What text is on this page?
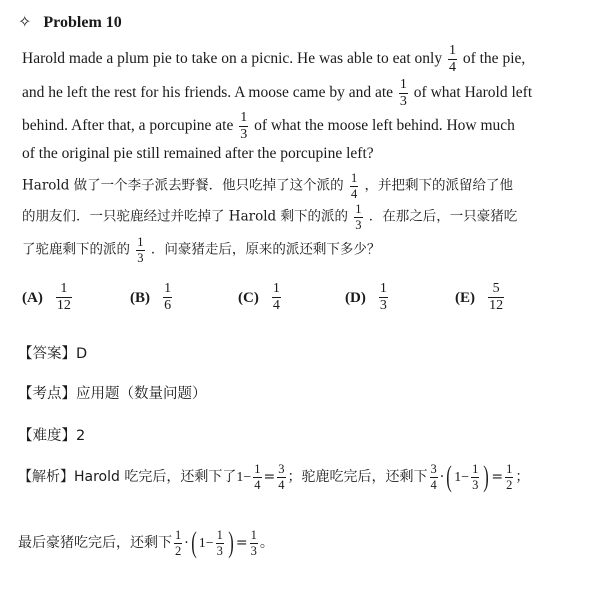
✧ Problem 10
Harold made a plum pie to take on a picnic. He was able to eat only $\frac{1}{4}$ of the pie,
and he left the rest for his friends. A moose came by and ate $\frac{1}{3}$ of what Harold left
behind. After that, a porcupine ate $\frac{1}{3}$ of what the moose left behind. How much
of the original pie still remained after the porcupine left?
Harold 做了一个李子派去野餐．他只吃掉了这个派的 $\frac{1}{4}$ ，并把剩下的派留给了他
的朋友们．一只驼鹿经过并吃掉了 Harold 剩下的派的 $\frac{1}{3}$ ．在那之后，一只豪猪吃
了驼鹿剩下的派的 $\frac{1}{3}$ ．问豪猪走后，原来的派还剩下多少？
$(A) \frac{1}{12}$	$(B) \frac{1}{6}$	$(C) \frac{1}{4}$	$(D) \frac{1}{3}$	$(E) \frac{5}{12}$
【答案】D
【考点】应用题（数量问题）
【难度】2
【解析】Harold 吃完后，还剩下了$1- \frac{1}{4} = \frac{3}{4}$ ；驼鹿吃完后，还剩下 $\frac{3}{4}$ ·( $1- \frac{1}{3}$ ) = $\frac{1}{2}$ ；
最后豪猪吃完后，还剩下 $\frac{1}{2}$ ·( $1- \frac{1}{3}$ ) = $\frac{1}{3}$ 。
